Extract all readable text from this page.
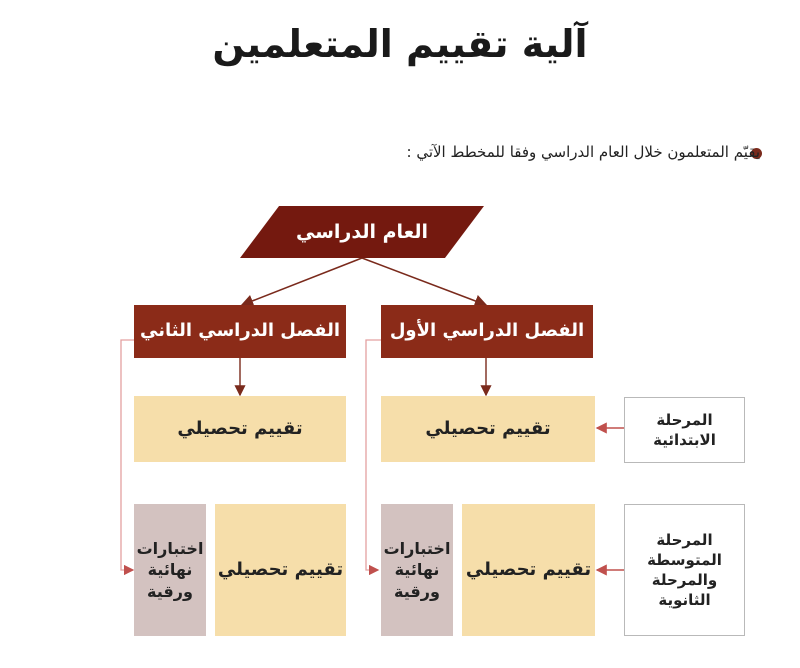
آلية تقييم المتعلمين
يقيّم المتعلمون خلال العام الدراسي وفقا للمخطط الآتي :
العام الدراسي
الفصل الدراسي الثاني	الفصل الدراسي الأول
تقييم تحصيلي	تقييم تحصيلي	المرحلة الابتدائية
اختبارات نهائية ورقية
تقييم تحصيلي
اختبارات نهائية ورقية
تقييم تحصيلي
المرحلة المتوسطة والمرحلة الثانوية
